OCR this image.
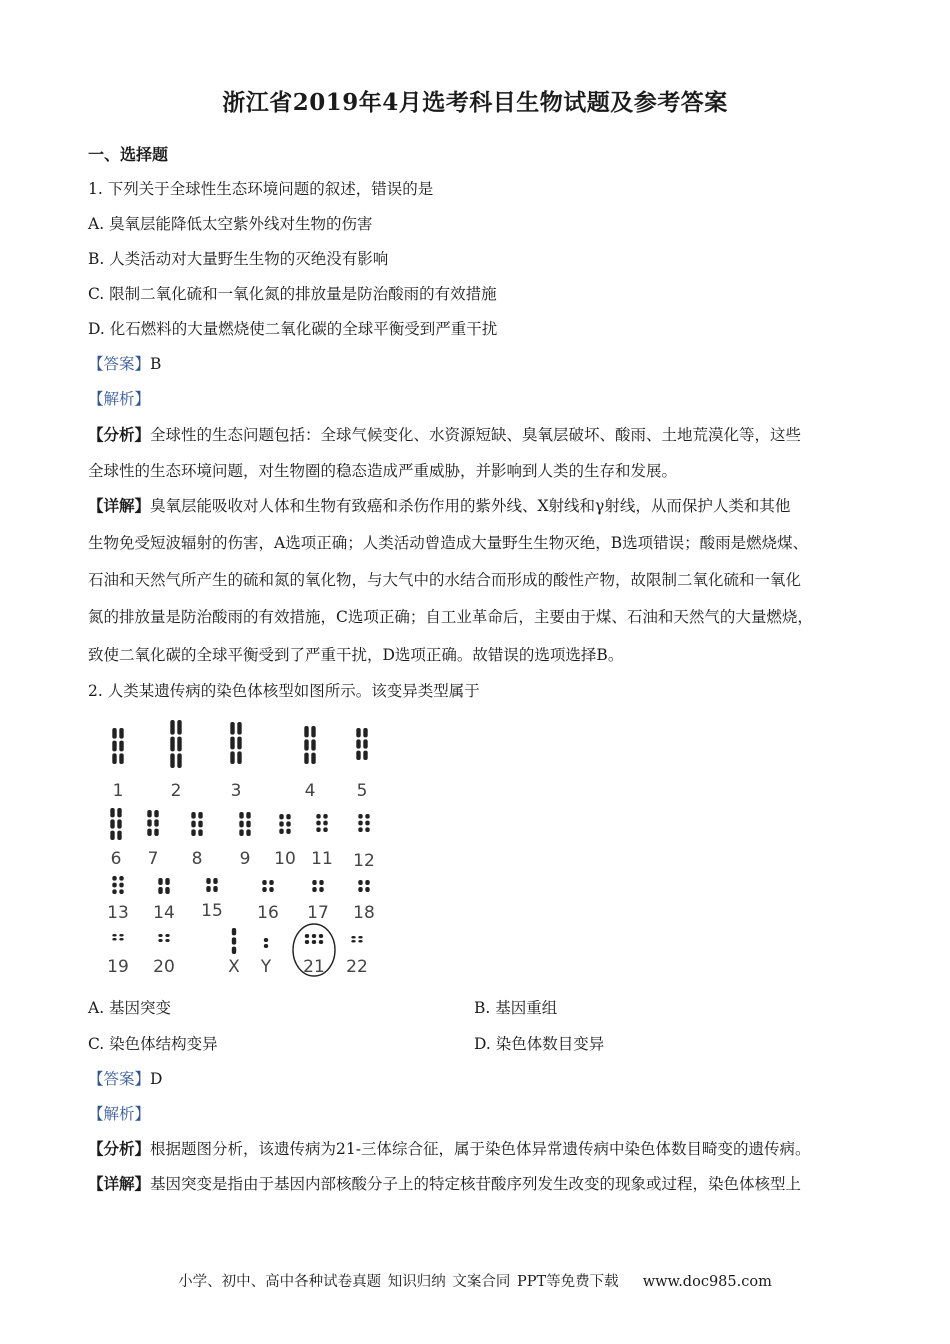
浙江省2019年4月选考科目生物试题及参考答案
一、选择题
1. 下列关于全球性生态环境问题的叙述，错误的是
A. 臭氧层能降低太空紫外线对生物的伤害
B. 人类活动对大量野生生物的灭绝没有影响
C. 限制二氧化硫和一氧化氮的排放量是防治酸雨的有效措施
D. 化石燃料的大量燃烧使二氧化碳的全球平衡受到严重干扰
【答案】B
【解析】
【分析】全球性的生态问题包括：全球气候变化、水资源短缺、臭氧层破坏、酸雨、土地荒漠化等，这些
全球性的生态环境问题，对生物圈的稳态造成严重威胁，并影响到人类的生存和发展。
【详解】臭氧层能吸收对人体和生物有致癌和杀伤作用的紫外线、X射线和γ射线，从而保护人类和其他
生物免受短波辐射的伤害，A选项正确；人类活动曾造成大量野生生物灭绝，B选项错误；酸雨是燃烧煤、
石油和天然气所产生的硫和氮的氧化物，与大气中的水结合而形成的酸性产物，故限制二氧化硫和一氧化
氮的排放量是防治酸雨的有效措施，C选项正确；自工业革命后，主要由于煤、石油和天然气的大量燃烧，
致使二氧化碳的全球平衡受到了严重干扰，D选项正确。故错误的选项选择B。
2. 人类某遗传病的染色体核型如图所示。该变异类型属于
1	2	3	4 5
6 7 8 9 10 11 12
13 14 15 16 17 18
19 20	X Y 21 22
A. 基因突变	B. 基因重组
C. 染色体结构变异	D. 染色体数目变异
【答案】D
【解析】
【分析】根据题图分析，该遗传病为21-三体综合征，属于染色体异常遗传病中染色体数目畸变的遗传病。
【详解】基因突变是指由于基因内部核酸分子上的特定核苷酸序列发生改变的现象或过程，染色体核型上
小学、初中、高中各种试卷真题 知识归纳 文案合同 PPT等免费下载 www.doc985.com
